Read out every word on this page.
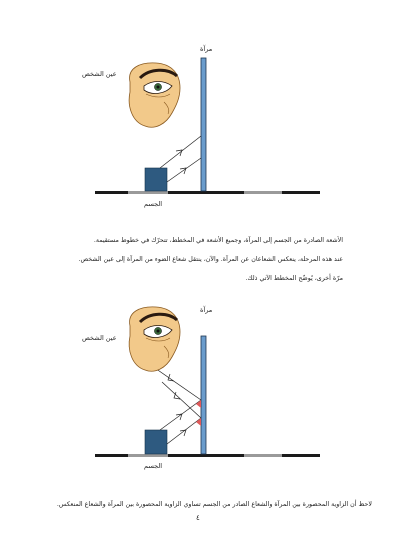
مرآة
عين الشخص
الجسم
الأشعة الصادرة من الجسم إلى المرآة، وجميع الأشعة في المخطط، تتحرّك في خطوط مستقيمة.
عند هذه المرحلة، ينعكس الشعاعان عن المرآة. والآن، ينتقل شعاع الضوء من المرآة إلى عين الشخص.
مرّة أخرى، يُوضّح المخطط الآتي ذلك.
مرآة
عين الشخص
الجسم
لاحظ أن الزاوية المحصورة بين المرآة والشعاع الصادر من الجسم تساوي الزاوية المحصورة بين المرآة والشعاع المنعكس.
٤
